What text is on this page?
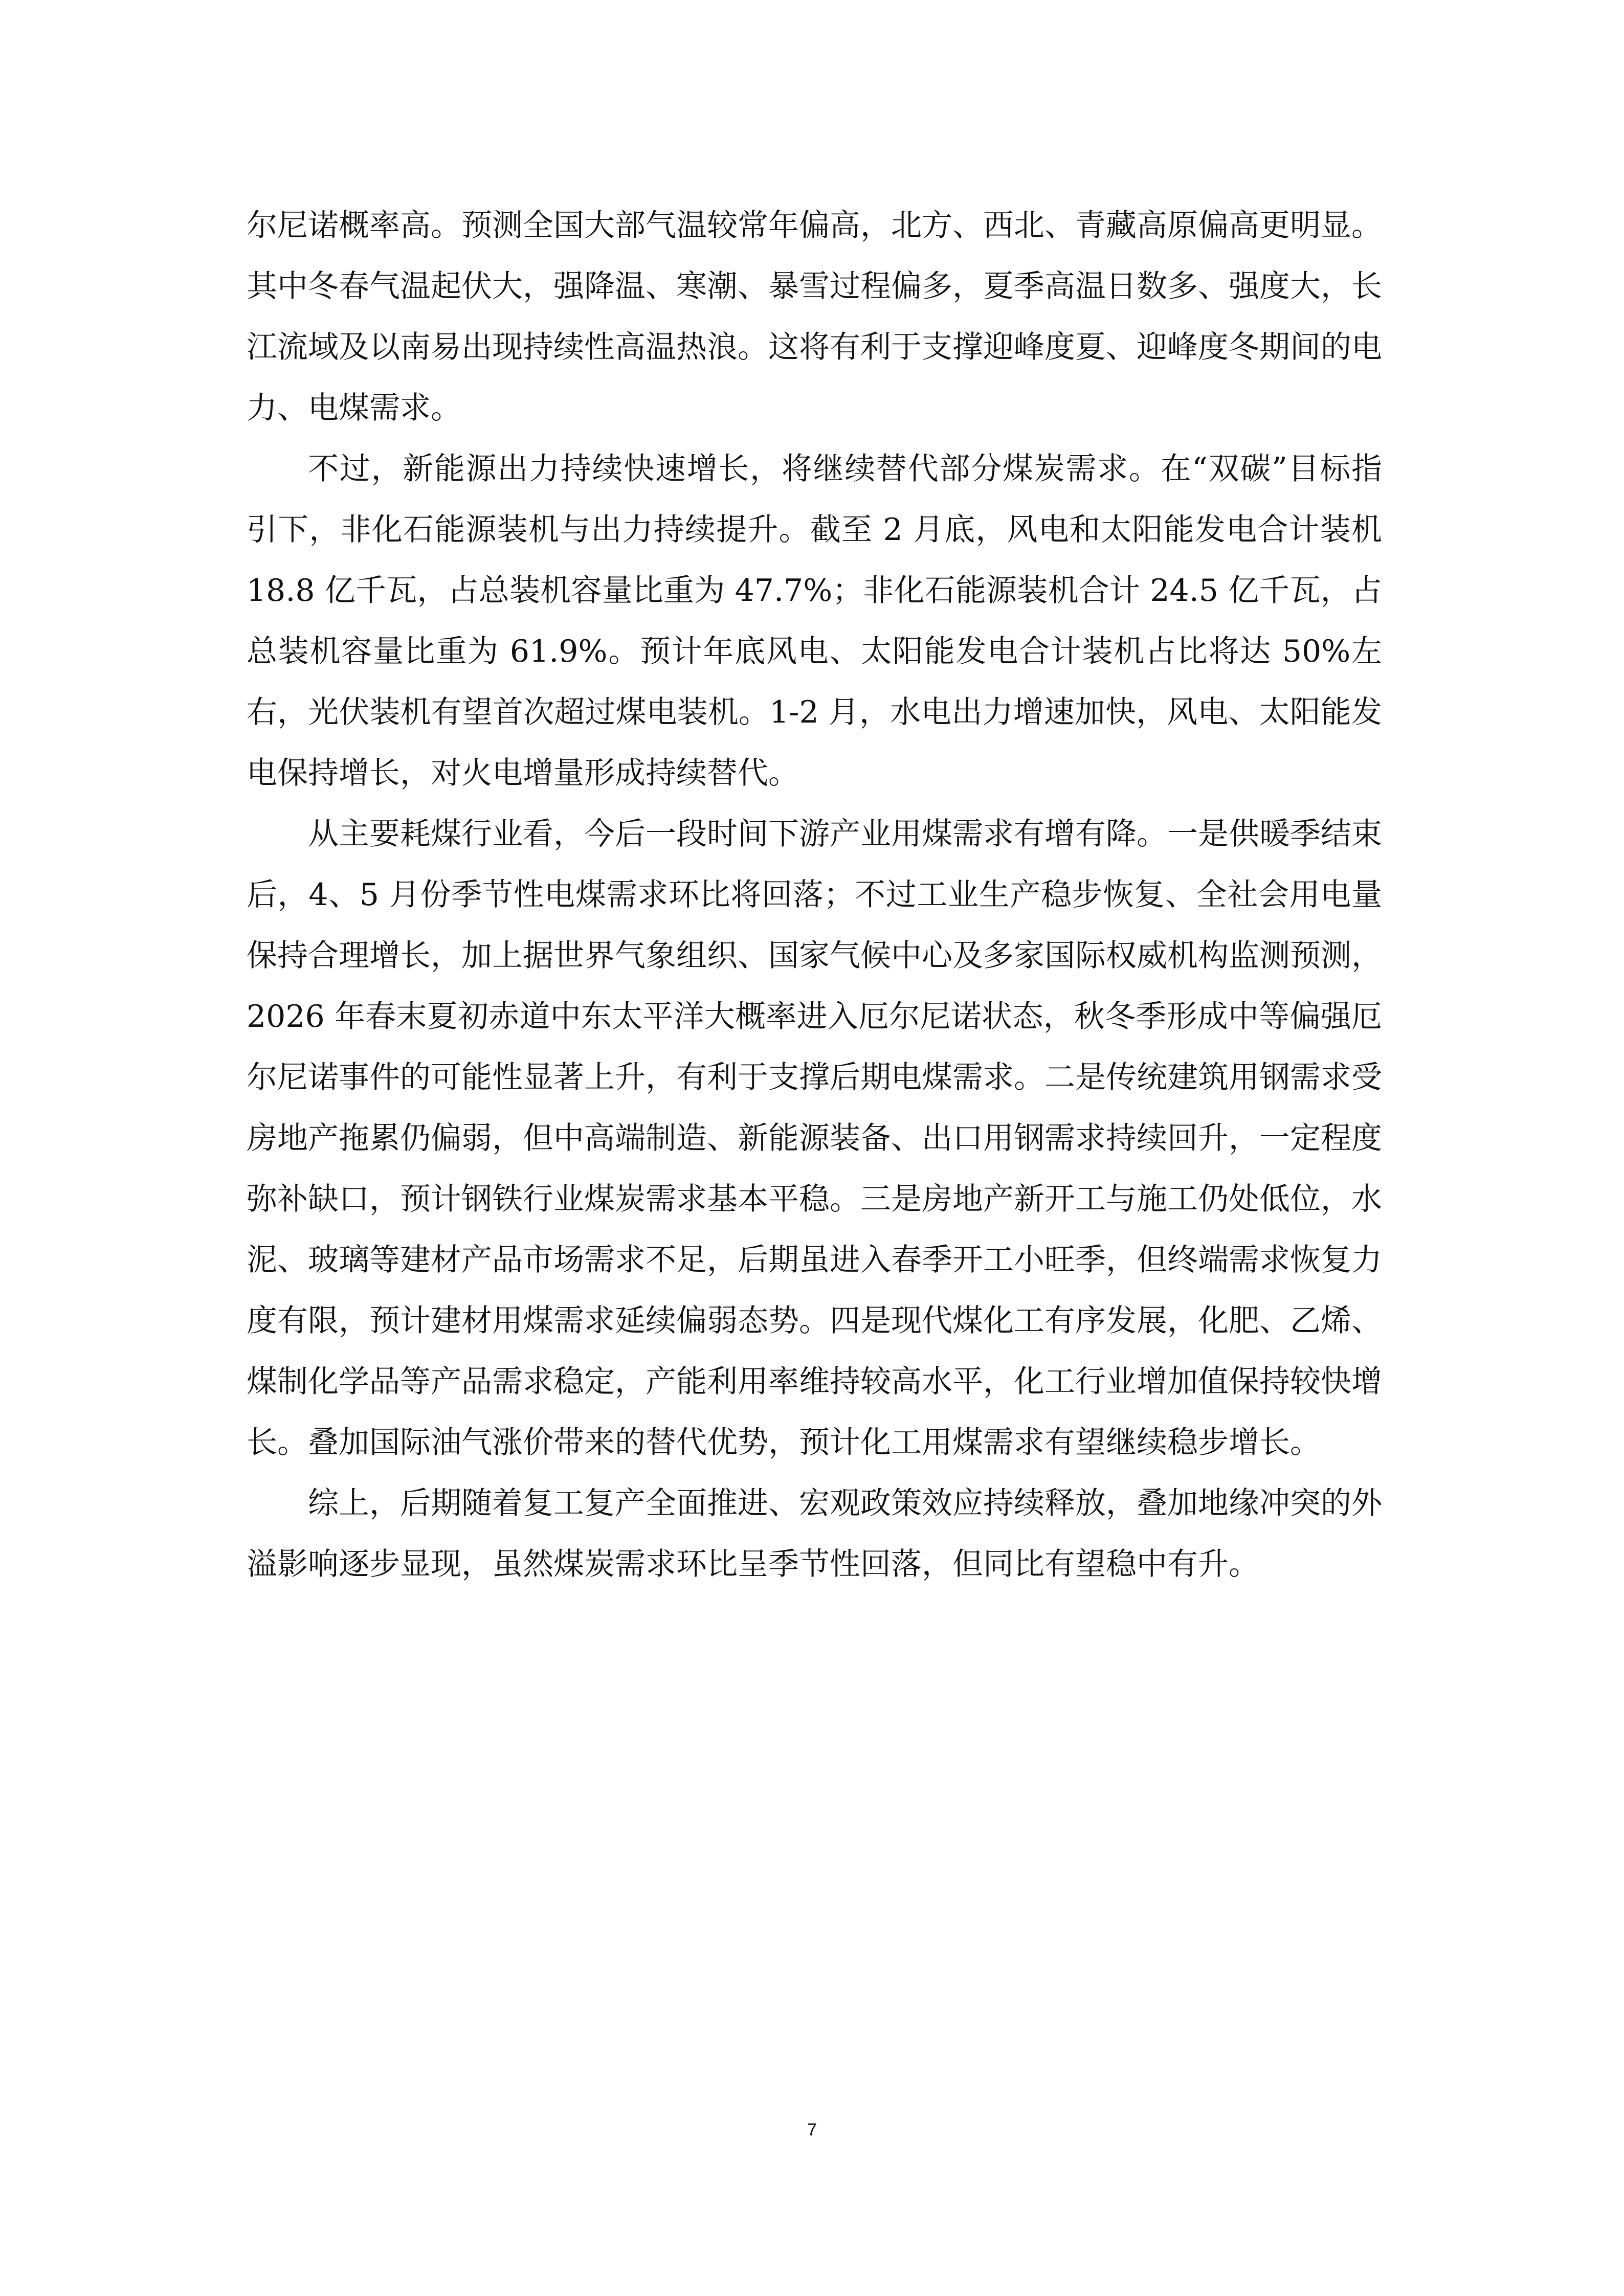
尔尼诺概率高。预测全国大部气温较常年偏高，北方、西北、青藏高原偏高更明显。其中冬春气温起伏大，强降温、寒潮、暴雪过程偏多，夏季高温日数多、强度大，长江流域及以南易出现持续性高温热浪。这将有利于支撑迎峰度夏、迎峰度冬期间的电力、电煤需求。

不过，新能源出力持续快速增长，将继续替代部分煤炭需求。在“双碳”目标指引下，非化石能源装机与出力持续提升。截至 2 月底，风电和太阳能发电合计装机 18.8 亿千瓦，占总装机容量比重为 47.7%；非化石能源装机合计 24.5 亿千瓦，占总装机容量比重为 61.9%。预计年底风电、太阳能发电合计装机占比将达 50%左右，光伏装机有望首次超过煤电装机。1-2 月，水电出力增速加快，风电、太阳能发电保持增长，对火电增量形成持续替代。

从主要耗煤行业看，今后一段时间下游产业用煤需求有增有降。一是供暖季结束后，4、5 月份季节性电煤需求环比将回落；不过工业生产稳步恢复、全社会用电量保持合理增长，加上据世界气象组织、国家气候中心及多家国际权威机构监测预测，2026 年春末夏初赤道中东太平洋大概率进入厄尔尼诺状态，秋冬季形成中等偏强厄尔尼诺事件的可能性显著上升，有利于支撑后期电煤需求。二是传统建筑用钢需求受房地产拖累仍偏弱，但中高端制造、新能源装备、出口用钢需求持续回升，一定程度弥补缺口，预计钢铁行业煤炭需求基本平稳。三是房地产新开工与施工仍处低位，水泥、玻璃等建材产品市场需求不足，后期虽进入春季开工小旺季，但终端需求恢复力度有限，预计建材用煤需求延续偏弱态势。四是现代煤化工有序发展，化肥、乙烯、煤制化学品等产品需求稳定，产能利用率维持较高水平，化工行业增加值保持较快增长。叠加国际油气涨价带来的替代优势，预计化工用煤需求有望继续稳步增长。

综上，后期随着复工复产全面推进、宏观政策效应持续释放，叠加地缘冲突的外溢影响逐步显现，虽然煤炭需求环比呈季节性回落，但同比有望稳中有升。

7
